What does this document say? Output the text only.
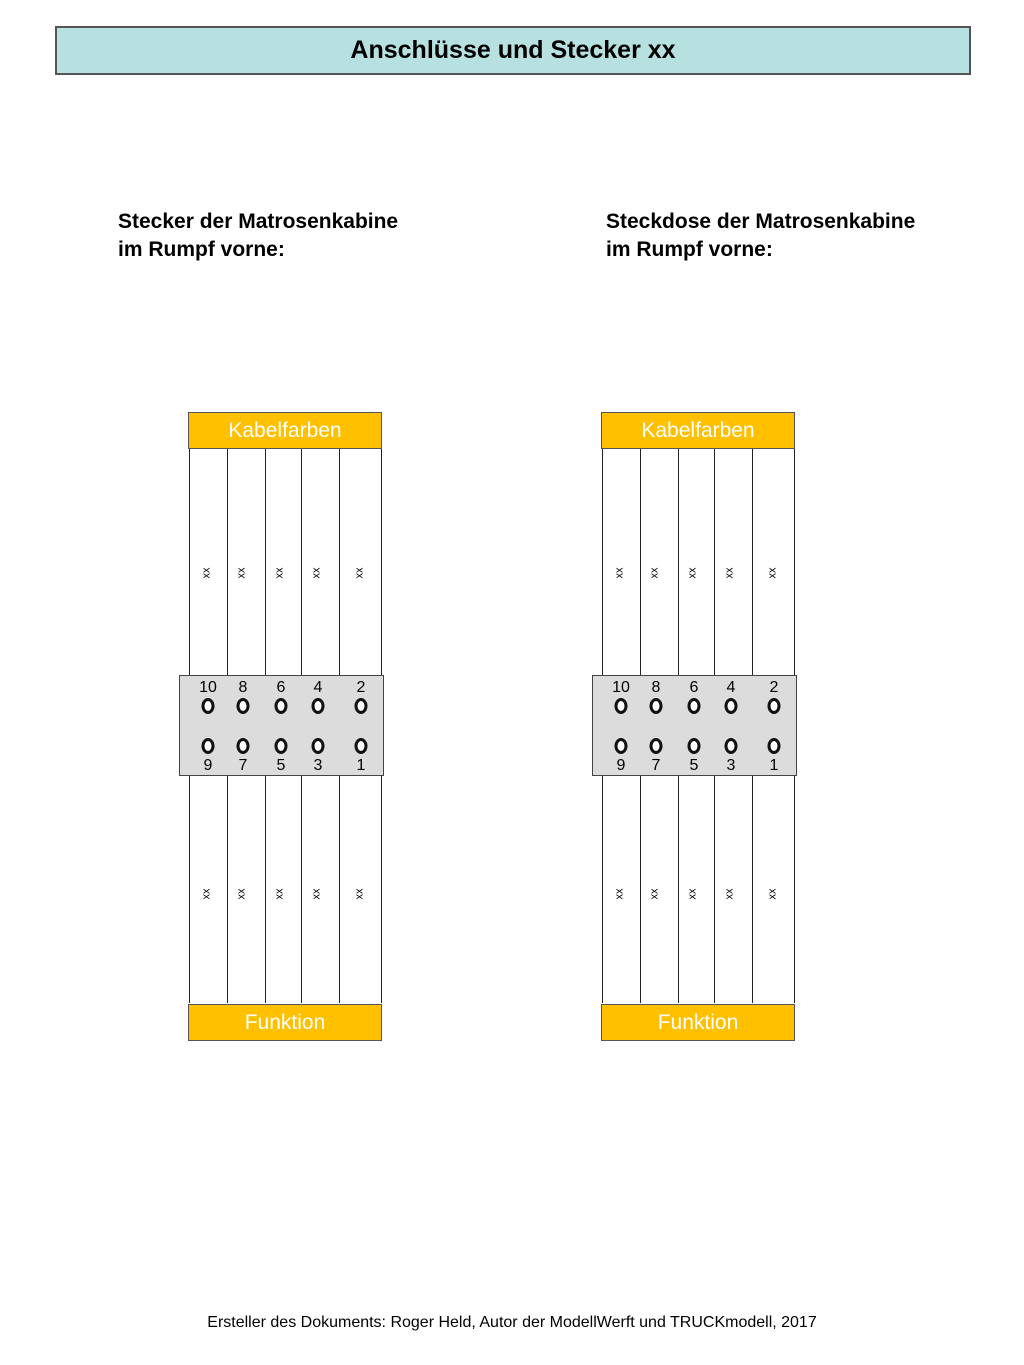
Anschlüsse und Stecker xx
Stecker der Matrosenkabine
im Rumpf vorne:
Steckdose der Matrosenkabine
im Rumpf vorne:
Kabelfarben
xx xx xx xx	xx
10 8 6 4 2
9 7 5 3 1
xx xx xx xx	xx
Funktion
Kabelfarben
xx xx xx xx	xx
10 8 6 4 2
9 7 5 3 1
xx xx xx xx	xx
Funktion
Ersteller des Dokuments: Roger Held, Autor der ModellWerft und TRUCKmodell, 2017
